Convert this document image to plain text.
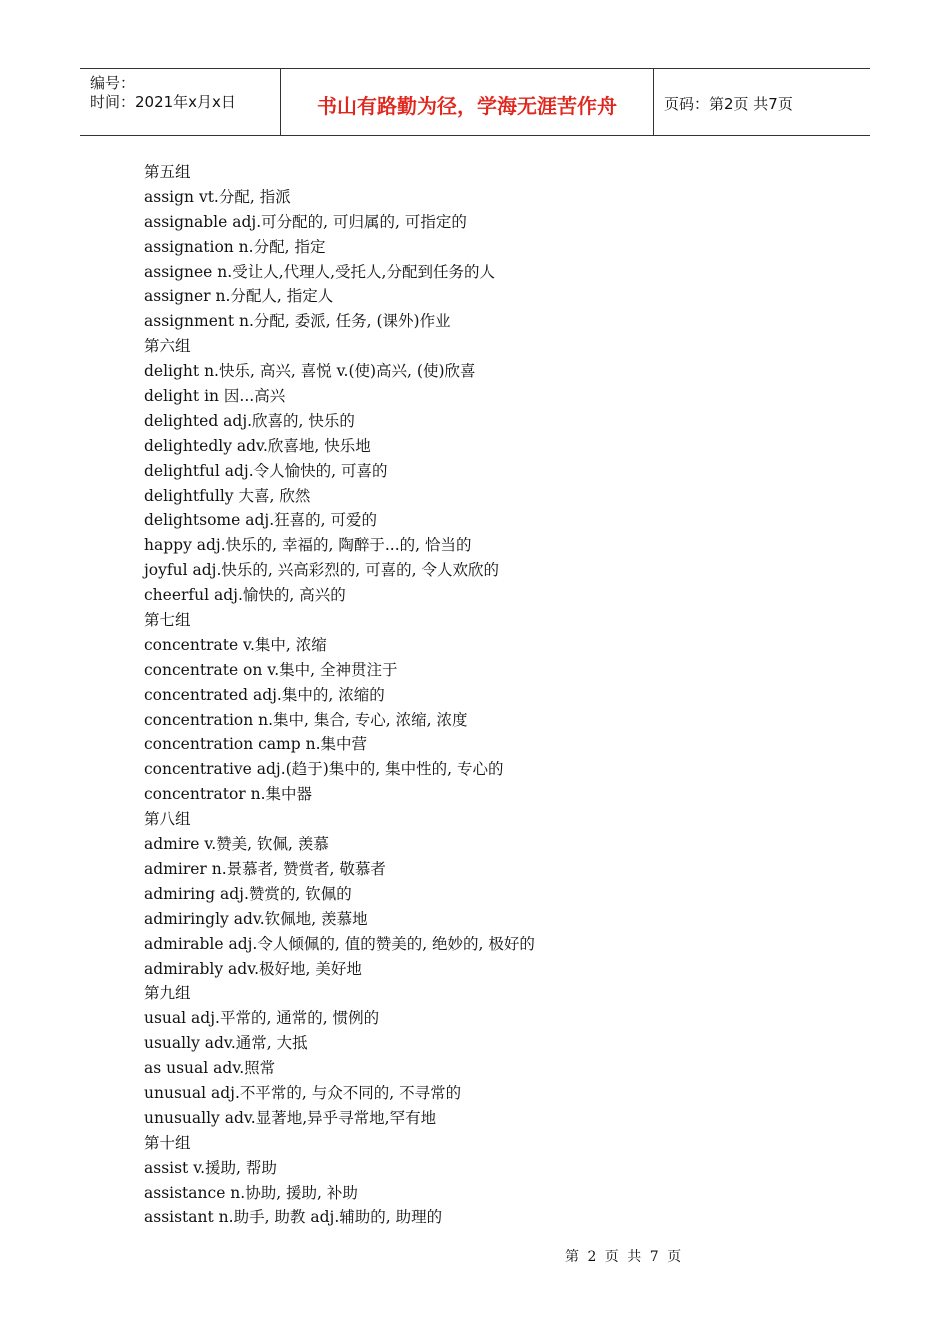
编号：
时间：2021年x月x日	书山有路勤为径，学海无涯苦作舟	页码：第2页 共7页
第五组
assign vt.分配, 指派
assignable adj.可分配的, 可归属的, 可指定的
assignation n.分配, 指定
assignee n.受让人,代理人,受托人,分配到任务的人
assigner n.分配人, 指定人
assignment n.分配, 委派, 任务, (课外)作业
第六组
delight n.快乐, 高兴, 喜悦 v.(使)高兴, (使)欣喜
delight in 因...高兴
delighted adj.欣喜的, 快乐的
delightedly adv.欣喜地, 快乐地
delightful adj.令人愉快的, 可喜的
delightfully 大喜, 欣然
delightsome adj.狂喜的, 可爱的
happy adj.快乐的, 幸福的, 陶醉于...的, 恰当的
joyful adj.快乐的, 兴高彩烈的, 可喜的, 令人欢欣的
cheerful adj.愉快的, 高兴的
第七组
concentrate v.集中, 浓缩
concentrate on v.集中, 全神贯注于
concentrated adj.集中的, 浓缩的
concentration n.集中, 集合, 专心, 浓缩, 浓度
concentration camp n.集中营
concentrative adj.(趋于)集中的, 集中性的, 专心的
concentrator n.集中器
第八组
admire v.赞美, 钦佩, 羡慕
admirer n.景慕者, 赞赏者, 敬慕者
admiring adj.赞赏的, 钦佩的
admiringly adv.钦佩地, 羡慕地
admirable adj.令人倾佩的, 值的赞美的, 绝妙的, 极好的
admirably adv.极好地, 美好地
第九组
usual adj.平常的, 通常的, 惯例的
usually adv.通常, 大抵
as usual adv.照常
unusual adj.不平常的, 与众不同的, 不寻常的
unusually adv.显著地,异乎寻常地,罕有地
第十组
assist v.援助, 帮助
assistance n.协助, 援助, 补助
assistant n.助手, 助教 adj.辅助的, 助理的
第 2 页 共 7 页
